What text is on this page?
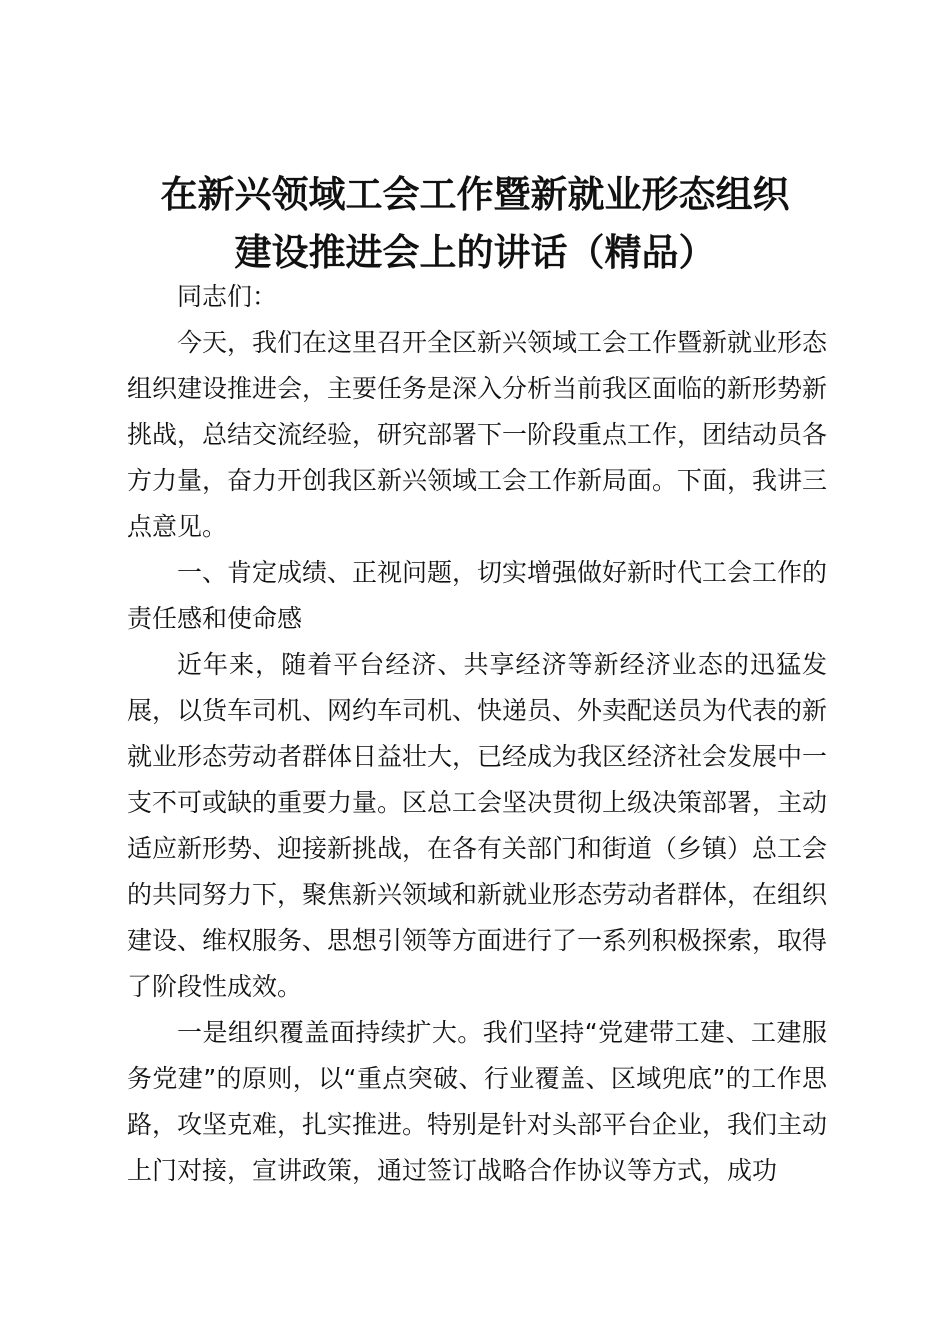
在新兴领域工会工作暨新就业形态组织
建设推进会上的讲话（精品）

同志们：

今天，我们在这里召开全区新兴领域工会工作暨新就业形态组织建设推进会，主要任务是深入分析当前我区面临的新形势新挑战，总结交流经验，研究部署下一阶段重点工作，团结动员各方力量，奋力开创我区新兴领域工会工作新局面。下面，我讲三点意见。

一、肯定成绩、正视问题，切实增强做好新时代工会工作的责任感和使命感

近年来，随着平台经济、共享经济等新经济业态的迅猛发展，以货车司机、网约车司机、快递员、外卖配送员为代表的新就业形态劳动者群体日益壮大，已经成为我区经济社会发展中一支不可或缺的重要力量。区总工会坚决贯彻上级决策部署，主动适应新形势、迎接新挑战，在各有关部门和街道（乡镇）总工会的共同努力下，聚焦新兴领域和新就业形态劳动者群体，在组织建设、维权服务、思想引领等方面进行了一系列积极探索，取得了阶段性成效。

一是组织覆盖面持续扩大。我们坚持“党建带工建、工建服务党建”的原则，以“重点突破、行业覆盖、区域兜底”的工作思路，攻坚克难，扎实推进。特别是针对头部平台企业，我们主动上门对接，宣讲政策，通过签订战略合作协议等方式，成功
